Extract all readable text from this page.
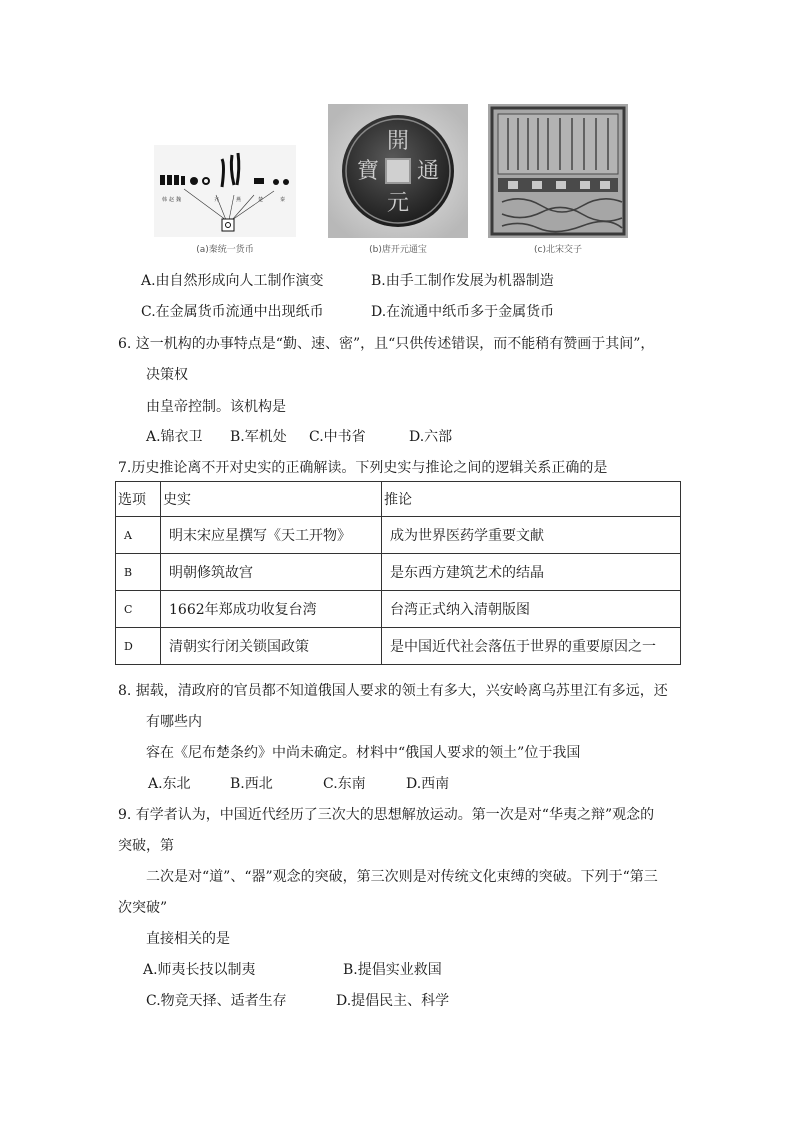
韩 赵 魏	齐	燕	楚	秦
(a)秦统一货币
開
通
元
寶
(b)唐开元通宝	(c)北宋交子
A.由自然形成向人工制作演变	B.由手工制作发展为机器制造
C.在金属货币流通中出现纸币	D.在流通中纸币多于金属货币
6. 这一机构的办事特点是“勤、速、密”，且“只供传述错误，而不能稍有赞画于其间”，
决策权
由皇帝控制。该机构是
A.锦衣卫 B.军机处 C.中书省	D.六部
7.历史推论离不开对史实的正确解读。下列史实与推论之间的逻辑关系正确的是
选项	史实	推论
A	明末宋应星撰写《天工开物》	成为世界医药学重要文献
B	明朝修筑故宫	是东西方建筑艺术的结晶
C	1662年郑成功收复台湾	台湾正式纳入清朝版图
D	清朝实行闭关锁国政策	是中国近代社会落伍于世界的重要原因之一
8. 据载，清政府的官员都不知道俄国人要求的领土有多大，兴安岭离乌苏里江有多远，还
有哪些内
容在《尼布楚条约》中尚未确定。材料中“俄国人要求的领土”位于我国
A.东北	B.西北	C.东南	D.西南
9. 有学者认为，中国近代经历了三次大的思想解放运动。第一次是对“华夷之辩”观念的
突破，第
二次是对“道”、“器”观念的突破，第三次则是对传统文化束缚的突破。下列于“第三
次突破”
直接相关的是
A.师夷长技以制夷	B.提倡实业救国
C.物竞天择、适者生存	D.提倡民主、科学
